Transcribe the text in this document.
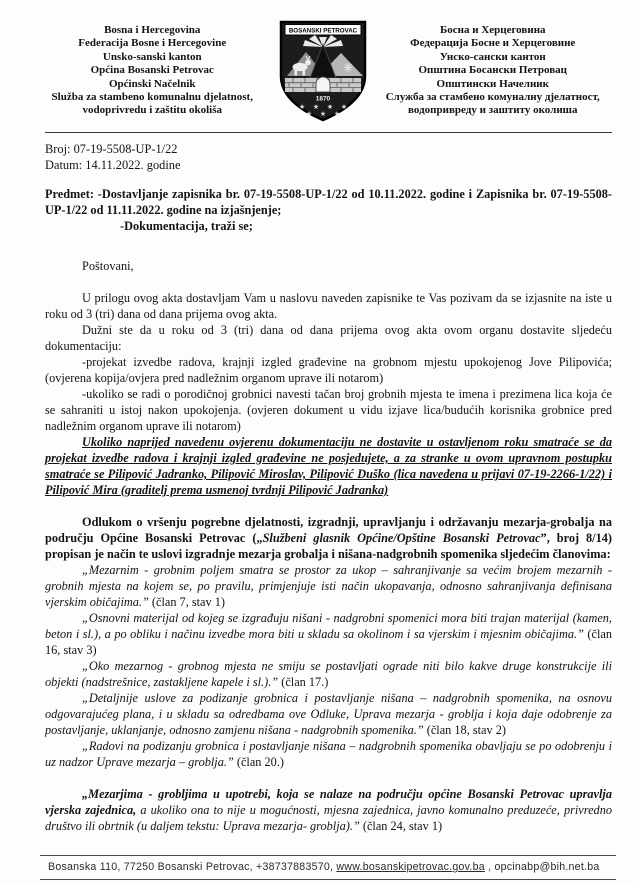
Bosna i Hercegovina
Federacija Bosne i Hercegovine
Unsko-sanski kanton
Općina Bosanski Petrovac
Općinski Načelnik
Služba za stambeno komunalnu djelatnost,
vodoprivredu i zaštitu okoliša
BOSANSKI PETROVAC
1870
★ ★ ★ ★
★ ★ ★
Босна и Херцеговина
Федерација Босне и Херцеговине
Унско-сански кантон
Општина Босански Петровац
Општински Начелник
Служба за стамбено комуналну дјелатност,
водопривреду и заштиту околиша
Broj: 07-19-5508-UP-1/22
Datum: 14.11.2022. godine

Predmet: -Dostavljanje zapisnika br. 07-19-5508-UP-1/22 od 10.11.2022. godine i Zapisnika br. 07-19-5508-UP-1/22 od 11.11.2022. godine na izjašnjenje;

-Dokumentacija, traži se;

Poštovani,

U prilogu ovog akta dostavljam Vam u naslovu naveden zapisnike te Vas pozivam da se izjasnite na iste u roku od 3 (tri) dana od dana prijema ovog akta.

Dužni ste da u roku od 3 (tri) dana od dana prijema ovog akta ovom organu dostavite sljedeću dokumentaciju:

-projekat izvedbe radova, krajnji izgled građevine na grobnom mjestu upokojenog Jove Pilipovića; (ovjerena kopija/ovjera pred nadležnim organom uprave ili notarom)

-ukoliko se radi o porodičnoj grobnici navesti tačan broj grobnih mjesta te imena i prezimena lica koja će se sahraniti u istoj nakon upokojenja. (ovjeren dokument u vidu izjave lica/budućih korisnika grobnice pred nadležnim organom uprave ili notarom)

Ukoliko naprijed navedenu ovjerenu dokumentaciju ne dostavite u ostavljenom roku smatraće se da projekat izvedbe radova i krajnji izgled građevine ne posjedujete, a za stranke u ovom upravnom postupku smatraće se Pilipović Jadranko, Pilipović Miroslav, Pilipović Duško (lica navedena u prijavi 07-19-2266-1/22) i Pilipović Mira (graditelj prema usmenoj tvrdnji Pilipović Jadranka)

Odlukom o vršenju pogrebne djelatnosti, izgradnji, upravljanju i održavanju mezarja-grobalja na području Općine Bosanski Petrovac („Službeni glasnik Općine/Opštine Bosanski Petrovac”, broj 8/14) propisan je način te uslovi izgradnje mezarja grobalja i nišana-nadgrobnih spomenika sljedećim članovima:

„Mezarnim - grobnim poljem smatra se prostor za ukop – sahranjivanje sa većim brojem mezarnih - grobnih mjesta na kojem se, po pravilu, primjenjuje isti način ukopavanja, odnosno sahranjivanja definisana vjerskim običajima.” (član 7, stav 1)

„Osnovni materijal od kojeg se izgrađuju nišani - nadgrobni spomenici mora biti trajan materijal (kamen, beton i sl.), a po obliku i načinu izvedbe mora biti u skladu sa okolinom i sa vjerskim i mjesnim običajima.” (član 16, stav 3)

„Oko mezarnog - grobnog mjesta ne smiju se postavljati ograde niti bilo kakve druge konstrukcije ili objekti (nadstrešnice, zastakljene kapele i sl.).” (član 17.)

„Detaljnije uslove za podizanje grobnica i postavljanje nišana – nadgrobnih spomenika, na osnovu odgovarajućeg plana, i u skladu sa odredbama ove Odluke, Uprava mezarja - groblja i koja daje odobrenje za postavljanje, uklanjanje, odnosno zamjenu nišana - nadgrobnih spomenika.” (član 18, stav 2)

„Radovi na podizanju grobnica i postavljanje nišana – nadgrobnih spomenika obavljaju se po odobrenju i uz nadzor Uprave mezarja – groblja.” (član 20.)

„Mezarjima - grobljima u upotrebi, koja se nalaze na području općine Bosanski Petrovac upravlja vjerska zajednica, a ukoliko ona to nije u mogućnosti, mjesna zajednica, javno komunalno preduzeće, privredno društvo ili obrtnik (u daljem tekstu: Uprava mezarja- groblja).” (član 24, stav 1)

Bosanska 110, 77250 Bosanski Petrovac, +38737883570, www.bosanskipetrovac.gov.ba , opcinabp@bih.net.ba
